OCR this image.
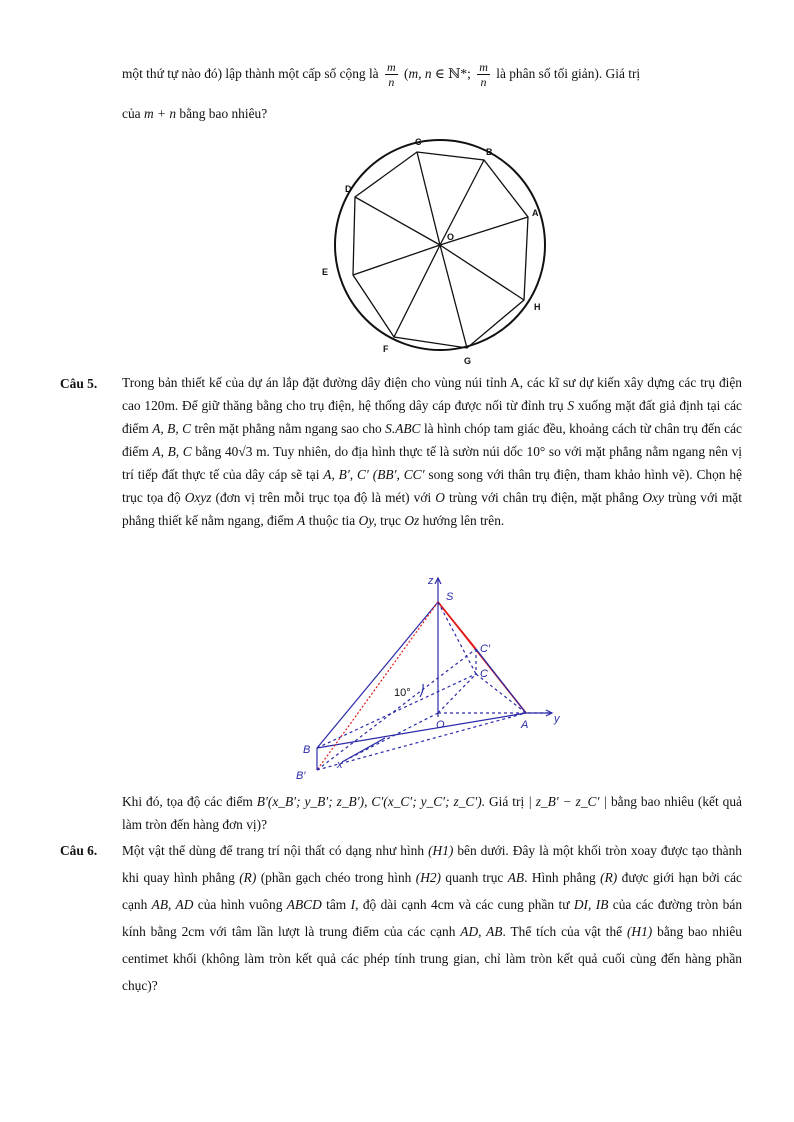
một thứ tự nào đó) lập thành một cấp số cộng là $\frac{m}{n} (m$, n ∈ ℕ*; $\frac{m}{n}$ là phân số tối giản). Giá trị
của m + n bằng bao nhiêu?
C
B
D
A
O
E
H
F
G
Câu 5. Trong bản thiết kế của dự án lắp đặt đường dây điện cho vùng núi tỉnh A, các kĩ sư dự kiến xây dựng các trụ điện cao 120m. Để giữ thăng bằng cho trụ điện, hệ thống dây cáp được nối từ đỉnh trụ S xuống mặt đất giả định tại các điểm A, B, C trên mặt phẳng nằm ngang sao cho S.ABC là hình chóp tam giác đều, khoảng cách từ chân trụ đến các điểm A, B, C bằng 40√3 m. Tuy nhiên, do địa hình thực tế là sườn núi dốc 10° so với mặt phẳng nằm ngang nên vị trí tiếp đất thực tế của dây cáp sẽ tại A, B′, C′ (BB′, CC′ song song với thân trụ điện, tham khảo hình vẽ). Chọn hệ trục tọa độ Oxyz (đơn vị trên mỗi trục tọa độ là mét) với O trùng với chân trụ điện, mặt phẳng Oxy trùng với mặt phẳng thiết kế nằm ngang, điểm A thuộc tia Oy, trục Oz hướng lên trên.
z
S
C′
C
10°
O	A y
B
B′
x
Khi đó, tọa độ các điểm B′(x_B′; y_B′; z_B′), C′(x_C′; y_C′; z_C′). Giá trị | z_B′ − z_C′ | bằng bao nhiêu (kết quả làm tròn đến hàng đơn vị)?
Câu 6. Một vật thể dùng để trang trí nội thất có dạng như hình (H1) bên dưới. Đây là một khối tròn xoay được tạo thành khi quay hình phẳng (R) (phần gạch chéo trong hình (H2) quanh trục AB. Hình phẳng (R) được giới hạn bởi các cạnh AB, AD của hình vuông ABCD tâm I, độ dài cạnh 4cm và các cung phần tư DI, IB của các đường tròn bán kính bằng 2cm với tâm lần lượt là trung điểm của các cạnh AD, AB. Thể tích của vật thể (H1) bằng bao nhiêu centimet khối (không làm tròn kết quả các phép tính trung gian, chỉ làm tròn kết quả cuối cùng đến hàng phần chục)?
